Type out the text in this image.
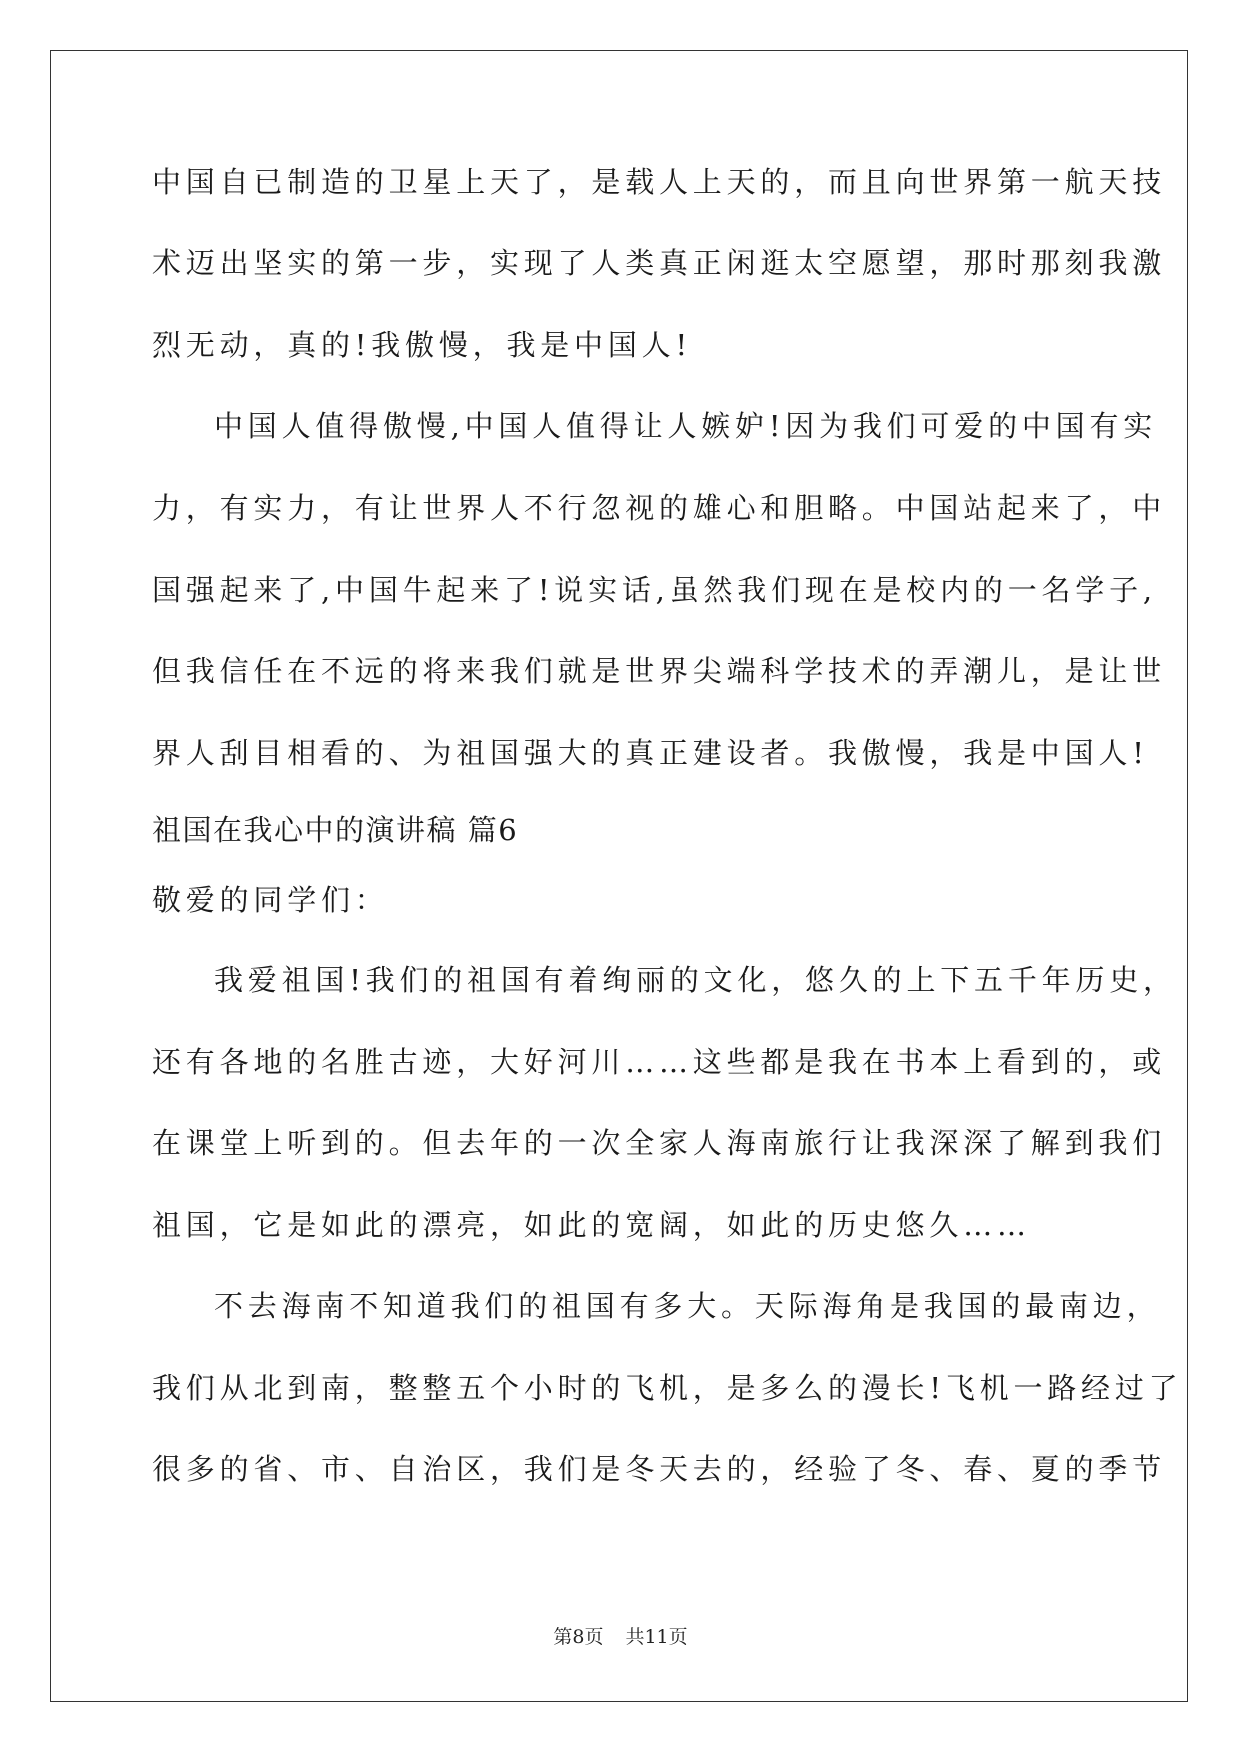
中国自已制造的卫星上天了，是载人上天的，而且向世界第一航天技
术迈出坚实的第一步，实现了人类真正闲逛太空愿望，那时那刻我激
烈无动，真的!我傲慢，我是中国人!
中国人值得傲慢,中国人值得让人嫉妒!因为我们可爱的中国有实
力，有实力，有让世界人不行忽视的雄心和胆略。中国站起来了，中
国强起来了,中国牛起来了!说实话,虽然我们现在是校内的一名学子,
但我信任在不远的将来我们就是世界尖端科学技术的弄潮儿，是让世
界人刮目相看的、为祖国强大的真正建设者。我傲慢，我是中国人!
祖国在我心中的演讲稿 篇6
敬爱的同学们：
我爱祖国!我们的祖国有着绚丽的文化，悠久的上下五千年历史，
还有各地的名胜古迹，大好河川……这些都是我在书本上看到的，或
在课堂上听到的。但去年的一次全家人海南旅行让我深深了解到我们
祖国，它是如此的漂亮，如此的宽阔，如此的历史悠久……
不去海南不知道我们的祖国有多大。天际海角是我国的最南边，
我们从北到南，整整五个小时的飞机，是多么的漫长!飞机一路经过了
很多的省、市、自治区，我们是冬天去的，经验了冬、春、夏的季节
第8页 共11页
